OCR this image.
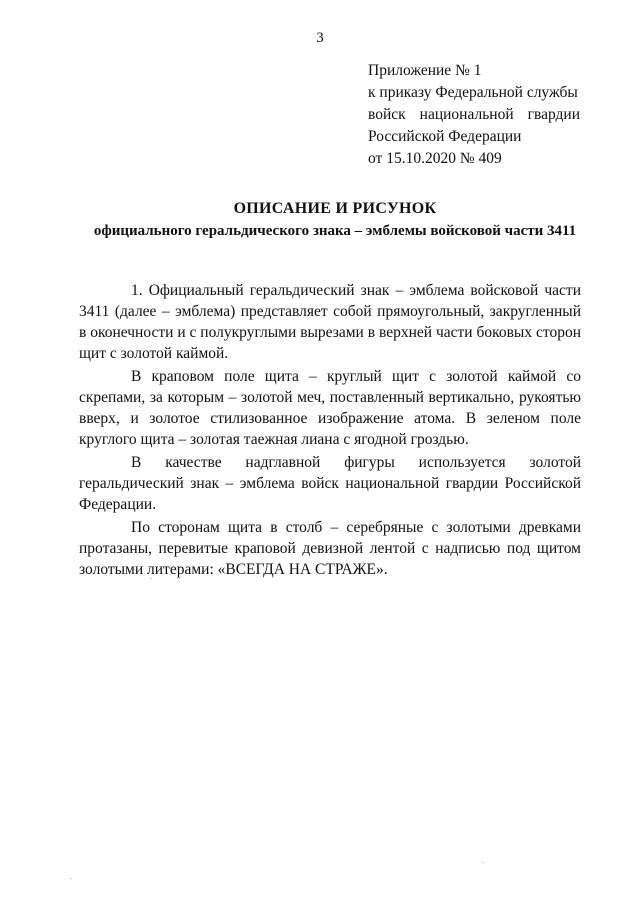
3
Приложение № 1
к приказу Федеральной службы
войск национальной гвардии
Российской Федерации
от 15.10.2020 № 409
ОПИСАНИЕ И РИСУНОК
официального геральдического знака – эмблемы войсковой части 3411

1. Официальный геральдический знак – эмблема войсковой части 3411 (далее – эмблема) представляет собой прямоугольный, закругленный в оконечности и с полукруглыми вырезами в верхней части боковых сторон щит с золотой каймой.

В краповом поле щита – круглый щит с золотой каймой со скрепами, за которым – золотой меч, поставленный вертикально, рукоятью вверх, и золотое стилизованное изображение атома. В зеленом поле круглого щита – золотая таежная лиана с ягодной гроздью.

В качестве надглавной фигуры используется золотой геральдический знак – эмблема войск национальной гвардии Российской Федерации.

По сторонам щита в столб – серебряные с золотыми древками протазаны, перевитые краповой девизной лентой с надписью под щитом золотыми литерами: «ВСЕГДА НА СТРАЖЕ».
